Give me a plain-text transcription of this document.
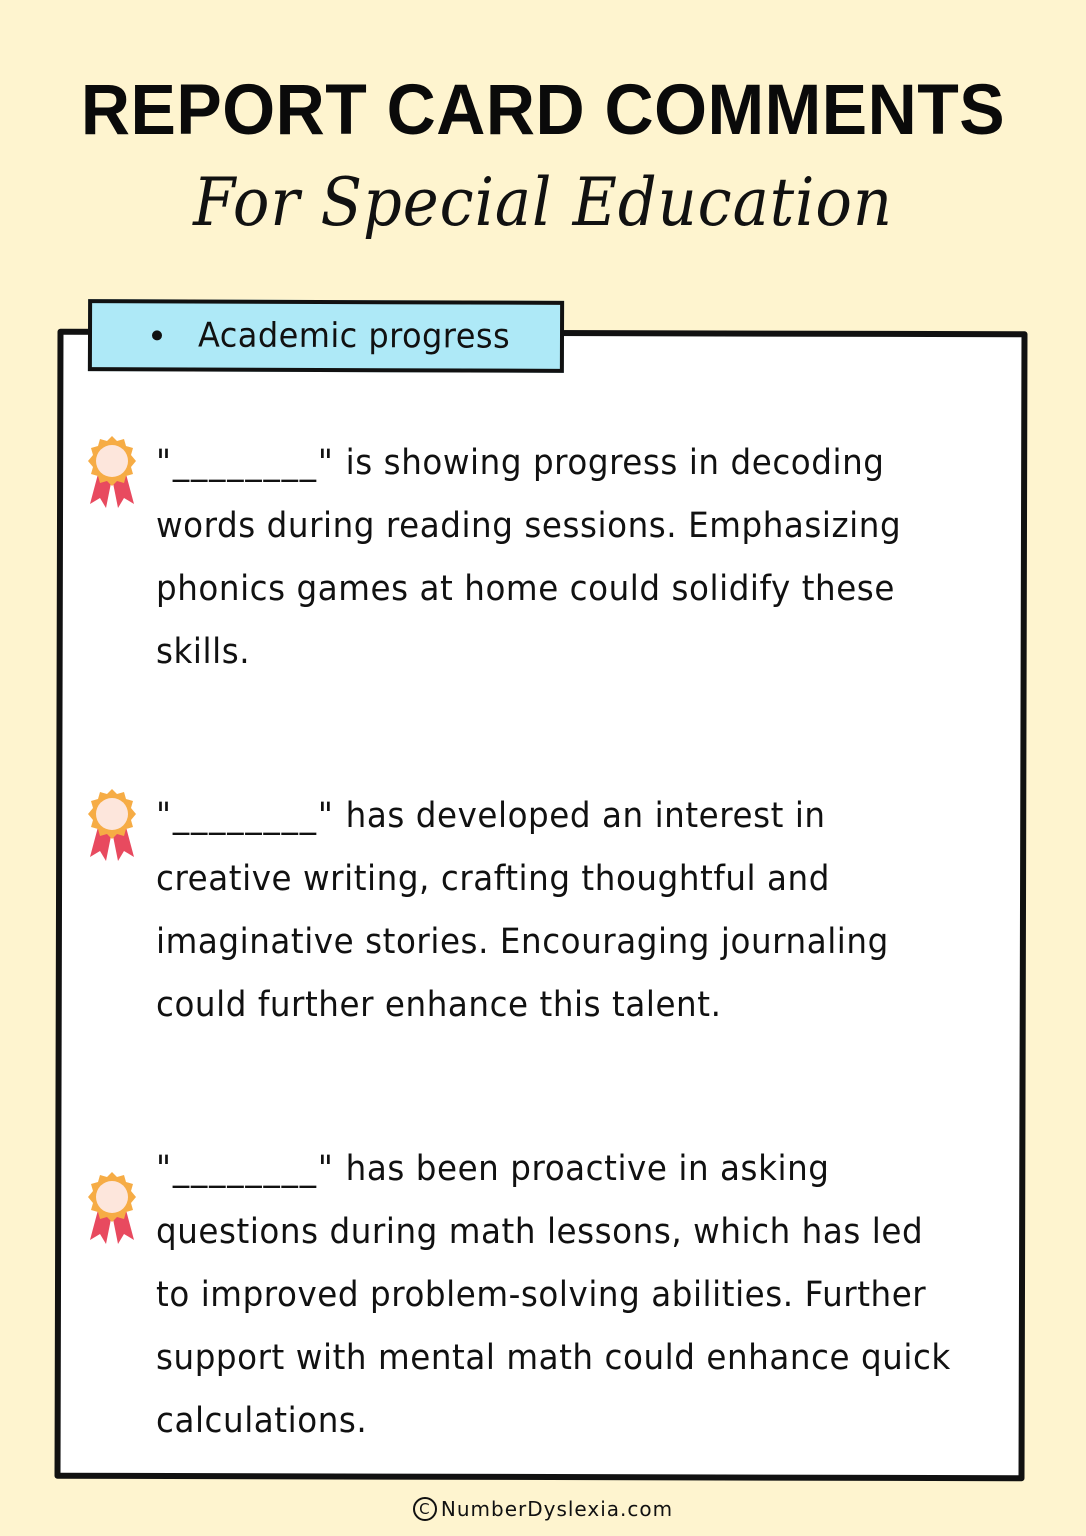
REPORT CARD COMMENTS
For Special Education
Academic progress
"________" is showing progress in decoding words during reading sessions. Emphasizing phonics games at home could solidify these skills.
"________" has developed an interest in creative writing, crafting thoughtful and imaginative stories. Encouraging journaling could further enhance this talent.
"________" has been proactive in asking questions during math lessons, which has led to improved problem-solving abilities. Further support with mental math could enhance quick calculations.
C NumberDyslexia.com
